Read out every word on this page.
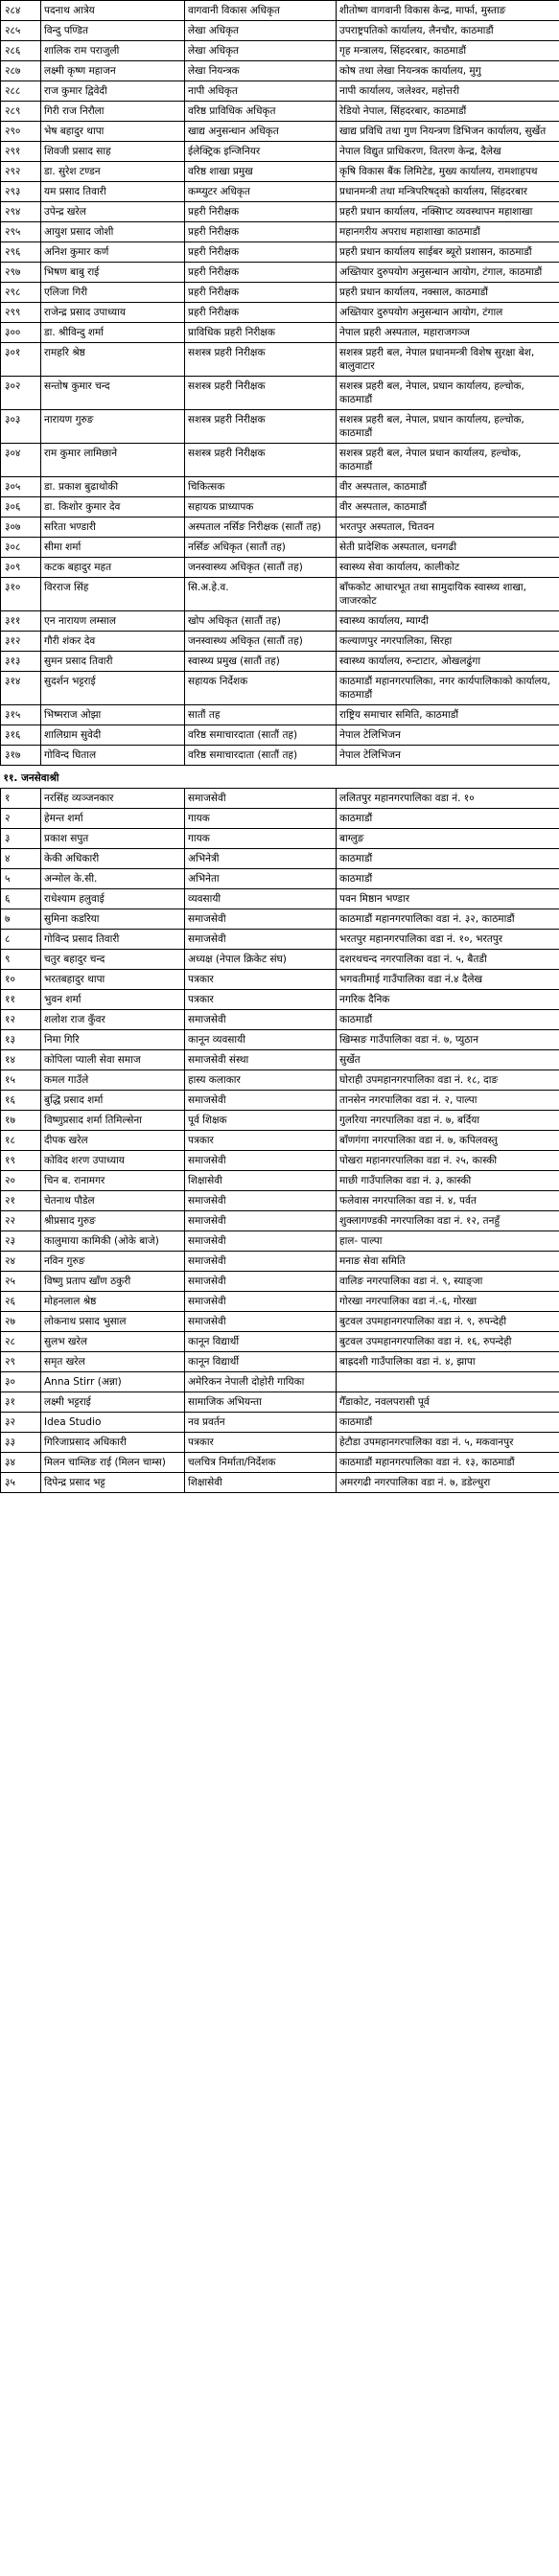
२८४	पदनाथ आत्रेय	वागवानी विकास अधिकृत	शीतोष्ण वागवानी विकास केन्द्र, मार्फा, मुस्ताङ
२८५	विन्दु पण्डित	लेखा अधिकृत	उपराष्ट्रपतिको कार्यालय, लैनचौर, काठमाडौं
२८६	शालिक राम पराजुली	लेखा अधिकृत	गृह मन्त्रालय, सिंहदरबार, काठमाडौं
२८७	लक्ष्मी कृष्ण महाजन	लेखा नियन्त्रक	कोष तथा लेखा नियन्त्रक कार्यालय, मुगु
२८८	राज कुमार द्विवेदी	नापी अधिकृत	नापी कार्यालय, जलेश्वर, महोत्तरी
२८९	गिरी राज निरौला	वरिष्ठ प्राविधिक अधिकृत	रेडियो नेपाल, सिंहदरबार, काठमाडौं
२९०	भेष बहादुर थापा	खाद्य अनुसन्धान अधिकृत	खाद्य प्रविधि तथा गुण नियन्त्रण डिभिजन कार्यालय, सुर्खेत
२९१	शिवजी प्रसाद साह	ईलेक्ट्रिक इन्जिनियर	नेपाल विद्युत प्राधिकरण, वितरण केन्द्र, दैलेख
२९२	डा. सुरेश टण्डन	वरिष्ठ शाखा प्रमुख	कृषि विकास बैंक लिमिटेड, मुख्य कार्यालय, रामशाहपथ
२९३	यम प्रसाद तिवारी	कम्प्युटर अधिकृत	प्रधानमन्त्री तथा मन्त्रिपरिषद्को कार्यालय, सिंहदरबार
२९४	उपेन्द्र खरेल	प्रहरी निरीक्षक	प्रहरी प्रधान कार्यालय, नक्सिाप्ट व्यवस्थापन महाशाखा
२९५	आयुश प्रसाद जोशी	प्रहरी निरीक्षक	महानगरीय अपराध महाशाखा काठमाडौं
२९६	अनिश कुमार कर्ण	प्रहरी निरीक्षक	प्रहरी प्रधान कार्यालय साईबर ब्यूरो प्रशासन, काठमाडौं
२९७	भिषण बाबु राई	प्रहरी निरीक्षक	अख्तियार दुरुपयोग अनुसन्धान आयोग, टंगाल, काठमाडौं
२९८	एलिजा गिरी	प्रहरी निरीक्षक	प्रहरी प्रधान कार्यालय, नक्साल, काठमाडौं
२९९	राजेन्द्र प्रसाद उपाध्याय	प्रहरी निरीक्षक	अख्तियार दुरुपयोग अनुसन्धान आयोग, टंगाल
३००	डा. श्रीविन्दु शर्मा	प्राविधिक प्रहरी निरीक्षक	नेपाल प्रहरी अस्पताल, महाराजगञ्ज
३०१	रामहरि श्रेष्ठ	सशस्त्र प्रहरी निरीक्षक	सशस्त्र प्रहरी बल, नेपाल प्रधानमन्त्री विशेष सुरक्षा बेश, बालुवाटार
३०२	सन्तोष कुमार चन्द	सशस्त्र प्रहरी निरीक्षक	सशस्त्र प्रहरी बल, नेपाल, प्रधान कार्यालय, हल्चोक, काठमाडौं
३०३	नारायण गुरुङ	सशस्त्र प्रहरी निरीक्षक	सशस्त्र प्रहरी बल, नेपाल, प्रधान कार्यालय, हल्चोक, काठमाडौं
३०४	राम कुमार लामिछाने	सशस्त्र प्रहरी निरीक्षक	सशस्त्र प्रहरी बल, नेपाल प्रधान कार्यालय, हल्चोक, काठमाडौं
३०५	डा. प्रकाश बुढाथोकी	चिकित्सक	वीर अस्पताल, काठमाडौं
३०६	डा. किशोर कुमार देव	सहायक प्राध्यापक	वीर अस्पताल, काठमाडौं
३०७	सरिता भण्डारी	अस्पताल नर्सिङ निरीक्षक (सातौं तह)	भरतपुर अस्पताल, चितवन
३०८	सीमा शर्मा	नर्सिङ अधिकृत (सातौं तह)	सेती प्रादेशिक अस्पताल, धनगढी
३०९	कटक बहादुर महत	जनस्वास्थ्य अधिकृत (सातौं तह)	स्वास्थ्य सेवा कार्यालय, कालीकोट
३१०	विरराज सिंह	सि.अ.हे.व.	बाँफकोट आधारभूत तथा सामुदायिक स्वास्थ्य शाखा, जाजरकोट
३११	एन नारायण लम्साल	खोप अधिकृत (सातौं तह)	स्वास्थ्य कार्यालय, म्याग्दी
३१२	गौरी शंकर देव	जनस्वास्थ्य अधिकृत (सातौं तह)	कल्याणपुर नगरपालिका, सिरहा
३१३	सुमन प्रसाद तिवारी	स्वास्थ्य प्रमुख (सातौं तह)	स्वास्थ्य कार्यालय, रुन्टाटार, ओखलढुंगा
३१४	सुदर्शन भट्टराई	सहायक निर्देशक	काठमाडौं महानगरपालिका, नगर कार्यपालिकाको कार्यालय, काठमाडौं
३१५	भिष्मराज ओझा	सातौं तह	राष्ट्रिय समाचार समिति, काठमाडौं
३१६	शालिग्राम सुवेदी	वरिष्ठ समाचारदाता (सातौं तह)	नेपाल टेलिभिजन
३१७	गोविन्द घिताल	वरिष्ठ समाचारदाता (सातौं तह)	नेपाल टेलिभिजन
११. जनसेवाश्री			
१	नरसिंह व्यञ्जनकार	समाजसेवी	ललितपुर महानगरपालिका वडा नं. १०
२	हेमन्त शर्मा	गायक	काठमाडौं
३	प्रकाश सपुत	गायक	बाग्लुङ
४	केकी अधिकारी	अभिनेत्री	काठमाडौं
५	अन्मोल के.सी.	अभिनेता	काठमाडौं
६	राधेश्याम हलुवाई	व्यवसायी	पवन मिष्ठान भण्डार
७	सुमिना कडरिया	समाजसेवी	काठमाडौं महानगरपालिका वडा नं. ३२, काठमाडौं
८	गोविन्द प्रसाद तिवारी	समाजसेवी	भरतपुर महानगरपालिका वडा नं. १०, भरतपुर
९	चतुर बहादुर चन्द	अध्यक्ष (नेपाल क्रिकेट संघ)	दशरथचन्द नगरपालिका वडा नं. ५, बैतडी
१०	भरतबहादुर थापा	पत्रकार	भगवतीमाई गाउँपालिका वडा नं.४ दैलेख
११	भुवन शर्मा	पत्रकार	नगरिक दैनिक
१२	शलोश राज कुँवर	समाजसेवी	काठमाडौं
१३	निमा गिरि	कानून व्यवसायी	खिम्सङ गाउँपालिका वडा नं. ७, प्युठान
१४	कोपिला प्याली सेवा समाज	समाजसेवी संस्था	सुर्खेत
१५	कमल गाउँले	हास्य कलाकार	घोराही उपमहानगरपालिका वडा नं. १८, दाङ
१६	बुद्धि प्रसाद शर्मा	समाजसेवी	तानसेन नगरपालिका वडा नं. २, पाल्पा
१७	विष्णुप्रसाद शर्मा तिमिल्सेना	पूर्व शिक्षक	गुलरिया नगरपालिका वडा नं. ७, बर्दिया
१८	दीपक खरेल	पत्रकार	बाँणगंगा नगरपालिका वडा नं. ७, कपिलवस्तु
१९	कोविद शरण उपाध्याय	समाजसेवी	पोखरा महानगरपालिका वडा नं. २५, कास्की
२०	चिन ब. रानामगर	शिक्षासेवी	माछी गाउँपालिका वडा नं. ३, कास्की
२१	चेतनाथ पौडेल	समाजसेवी	फलेवास नगरपालिका वडा नं. ४, पर्वत
२२	श्रीप्रसाद गुरुङ	समाजसेवी	शुक्लागण्डकी नगरपालिका वडा नं. १२, तनहुँ
२३	कालुमाया कामिकी (ओके बाजे)	समाजसेवी	हाल- पाल्पा
२४	नविन गुरुङ	समाजसेवी	मनाङ सेवा समिति
२५	विष्णु प्रताप खाँण ठकुरी	समाजसेवी	वालिङ नगरपालिका वडा नं. ९, स्याङ्जा
२६	मोहनलाल श्रेष्ठ	समाजसेवी	गोरखा नगरपालिका वडा नं.-६, गोरखा
२७	लोकनाथ प्रसाद भुसाल	समाजसेवी	बुटवल उपमहानगरपालिका वडा नं. ९, रुपन्देही
२८	सुलभ खरेल	कानून विद्यार्थी	बुटवल उपमहानगरपालिका वडा नं. १६, रुपन्देही
२९	समृत खरेल	कानून विद्यार्थी	बाह्रदशी गाउँपालिका वडा नं. ४, झापा
३०	Anna Stirr (अन्ना)	अमेरिकन नेपाली दोहोरी गायिका	
३१	लक्ष्मी भट्टराई	सामाजिक अभियन्ता	गैँडाकोट, नवलपरासी पूर्व
३२	Idea Studio	नव प्रवर्तन	काठमाडौं
३३	गिरिजाप्रसाद अधिकारी	पत्रकार	हेटौडा उपमहानगरपालिका वडा नं. ५, मकवानपुर
३४	मिलन चाम्लिङ राई (मिलन चाम्स)	चलचित्र निर्माता/निर्देशक	काठमाडौं महानगरपालिका वडा नं. १३, काठमाडौं
३५	दिपेन्द्र प्रसाद भट्ट	शिक्षासेवी	अमरगढी नगरपालिका वडा नं. ७, डडेल्धुरा
